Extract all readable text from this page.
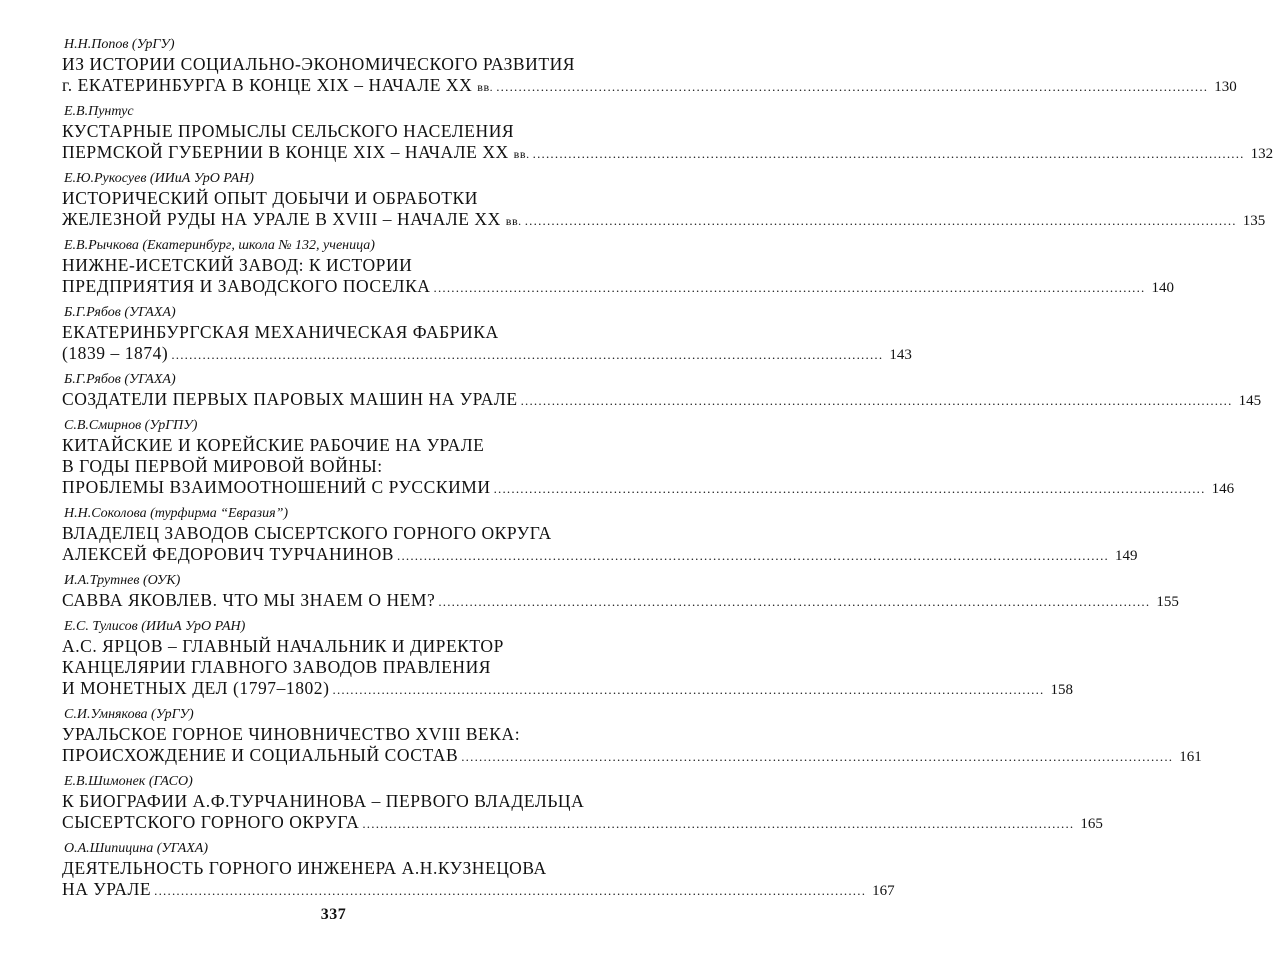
Н.Н.Попов (УрГУ)
ИЗ ИСТОРИИ СОЦИАЛЬНО-ЭКОНОМИЧЕСКОГО РАЗВИТИЯ
г. ЕКАТЕРИНБУРГА В КОНЦЕ XIX – НАЧАЛЕ XX вв. ................................................................................................................................................................ 130
Е.В.Пунтус
КУСТАРНЫЕ ПРОМЫСЛЫ СЕЛЬСКОГО НАСЕЛЕНИЯ
ПЕРМСКОЙ ГУБЕРНИИ В КОНЦЕ XIX – НАЧАЛЕ XX вв. ................................................................................................................................................................ 132
Е.Ю.Рукосуев (ИИиА УрО РАН)
ИСТОРИЧЕСКИЙ ОПЫТ ДОБЫЧИ И ОБРАБОТКИ
ЖЕЛЕЗНОЙ РУДЫ НА УРАЛЕ В XVIII – НАЧАЛЕ XX вв. ................................................................................................................................................................ 135
Е.В.Рычкова (Екатеринбург, школа № 132, ученица)
НИЖНЕ-ИСЕТСКИЙ ЗАВОД: К ИСТОРИИ
ПРЕДПРИЯТИЯ И ЗАВОДСКОГО ПОСЕЛКА ................................................................................................................................................................ 140
Б.Г.Рябов (УГАХА)
ЕКАТЕРИНБУРГСКАЯ МЕХАНИЧЕСКАЯ ФАБРИКА
(1839 – 1874) ................................................................................................................................................................ 143
Б.Г.Рябов (УГАХА)
СОЗДАТЕЛИ ПЕРВЫХ ПАРОВЫХ МАШИН НА УРАЛЕ ................................................................................................................................................................ 145
С.В.Смирнов (УрГПУ)
КИТАЙСКИЕ И КОРЕЙСКИЕ РАБОЧИЕ НА УРАЛЕ
В ГОДЫ ПЕРВОЙ МИРОВОЙ ВОЙНЫ:
ПРОБЛЕМЫ ВЗАИМООТНОШЕНИЙ С РУССКИМИ ................................................................................................................................................................ 146
Н.Н.Соколова (турфирма “Евразия”)
ВЛАДЕЛЕЦ ЗАВОДОВ СЫСЕРТСКОГО ГОРНОГО ОКРУГА
АЛЕКСЕЙ ФЕДОРОВИЧ ТУРЧАНИНОВ ................................................................................................................................................................ 149
И.А.Трутнев (ОУК)
САВВА ЯКОВЛЕВ. ЧТО МЫ ЗНАЕМ О НЕМ? ................................................................................................................................................................ 155
Е.С. Тулисов (ИИиА УрО РАН)
А.С. ЯРЦОВ – ГЛАВНЫЙ НАЧАЛЬНИК И ДИРЕКТОР
КАНЦЕЛЯРИИ ГЛАВНОГО ЗАВОДОВ ПРАВЛЕНИЯ
И МОНЕТНЫХ ДЕЛ (1797–1802) ................................................................................................................................................................ 158
С.И.Умнякова (УрГУ)
УРАЛЬСКОЕ ГОРНОЕ ЧИНОВНИЧЕСТВО XVIII ВЕКА:
ПРОИСХОЖДЕНИЕ И СОЦИАЛЬНЫЙ СОСТАВ ................................................................................................................................................................ 161
Е.В.Шимонек (ГАСО)
К БИОГРАФИИ А.Ф.ТУРЧАНИНОВА – ПЕРВОГО ВЛАДЕЛЬЦА
СЫСЕРТСКОГО ГОРНОГО ОКРУГА ................................................................................................................................................................ 165
О.А.Шипицина (УГАХА)
ДЕЯТЕЛЬНОСТЬ ГОРНОГО ИНЖЕНЕРА А.Н.КУЗНЕЦОВА
НА УРАЛЕ ................................................................................................................................................................ 167
337
